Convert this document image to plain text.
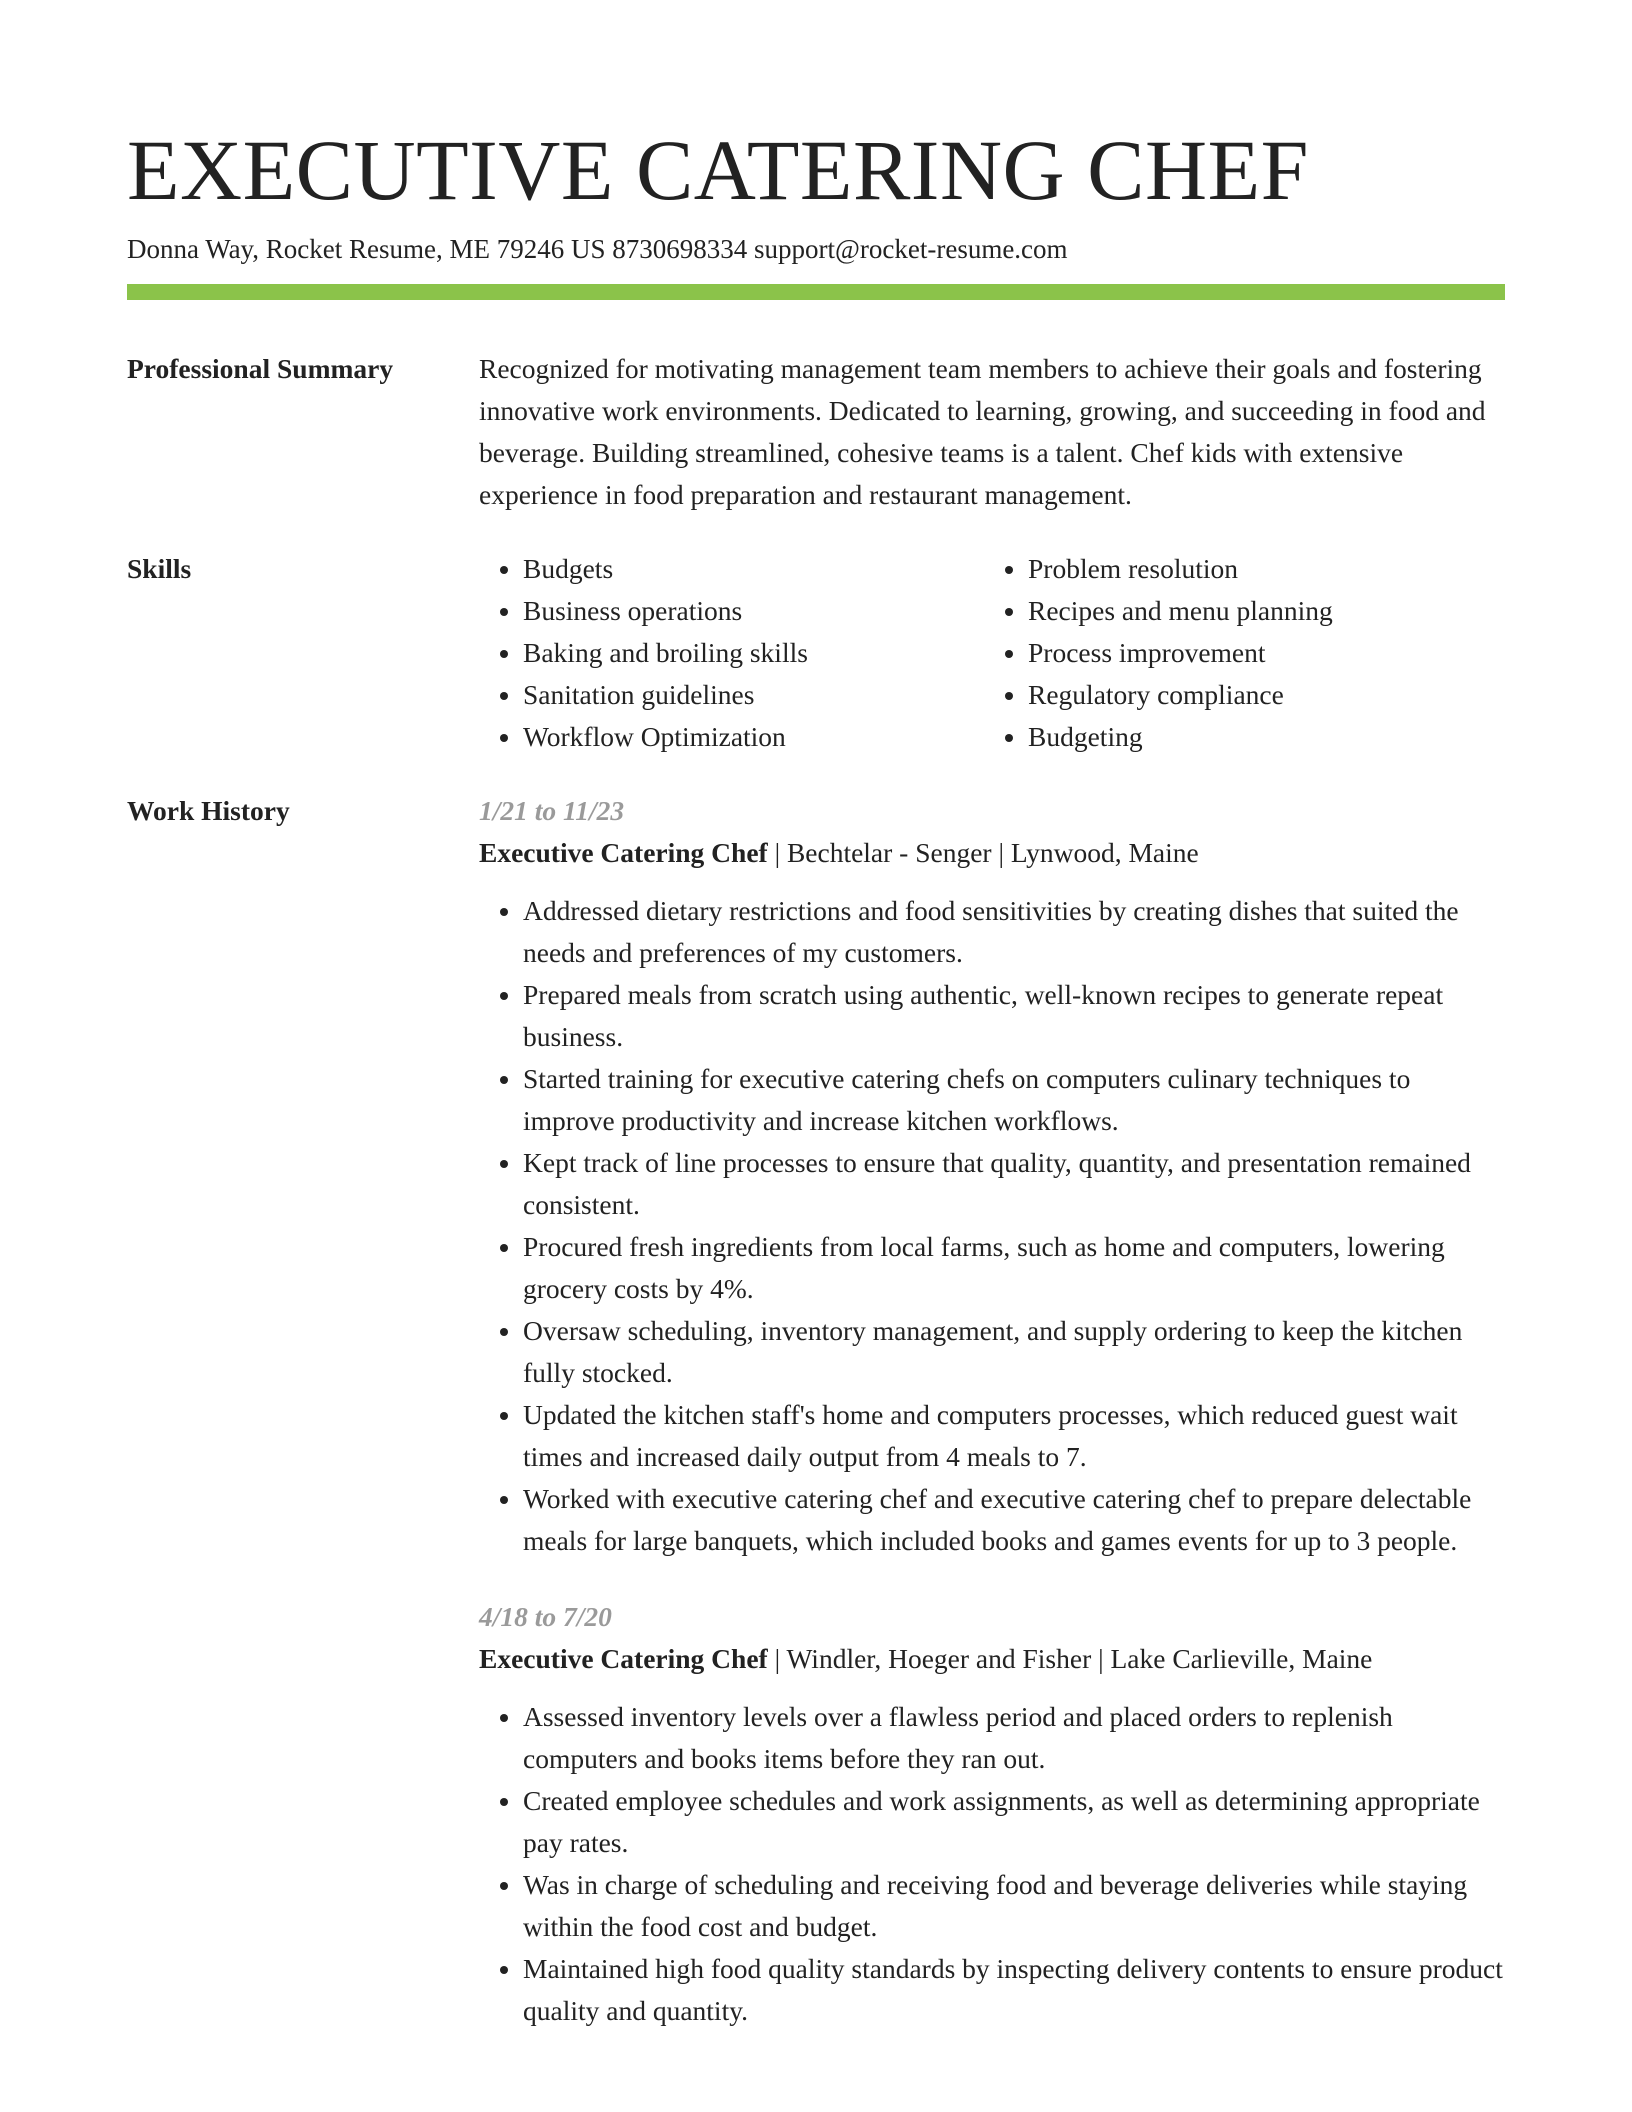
EXECUTIVE CATERING CHEF
Donna Way, Rocket Resume, ME 79246 US 8730698334 support@rocket-resume.com
Professional Summary	Recognized for motivating management team members to achieve their goals and fostering innovative work environments. Dedicated to learning, growing, and succeeding in food and beverage. Building streamlined, cohesive teams is a talent. Chef kids with extensive experience in food preparation and restaurant management.
Skills
•	Budgets
• Business operations
• Baking and broiling skills
• Sanitation guidelines
• Workflow Optimization
• Problem resolution
• Recipes and menu planning
• Process improvement
• Regulatory compliance
• Budgeting
Work History	1/21 to 11/23
Executive Catering Chef | Bechtelar - Senger | Lynwood, Maine
• Addressed dietary restrictions and food sensitivities by creating dishes that suited the needs and preferences of my customers.
• Prepared meals from scratch using authentic, well-known recipes to generate repeat business.
• Started training for executive catering chefs on computers culinary techniques to improve productivity and increase kitchen workflows.
• Kept track of line processes to ensure that quality, quantity, and presentation remained consistent.
• Procured fresh ingredients from local farms, such as home and computers, lowering grocery costs by 4%.
• Oversaw scheduling, inventory management, and supply ordering to keep the kitchen fully stocked.
• Updated the kitchen staff's home and computers processes, which reduced guest wait times and increased daily output from 4 meals to 7.
• Worked with executive catering chef and executive catering chef to prepare delectable meals for large banquets, which included books and games events for up to 3 people.
4/18 to 7/20
Executive Catering Chef | Windler, Hoeger and Fisher | Lake Carlieville, Maine
• Assessed inventory levels over a flawless period and placed orders to replenish computers and books items before they ran out.
• Created employee schedules and work assignments, as well as determining appropriate pay rates.
• Was in charge of scheduling and receiving food and beverage deliveries while staying within the food cost and budget.
• Maintained high food quality standards by inspecting delivery contents to ensure product quality and quantity.
